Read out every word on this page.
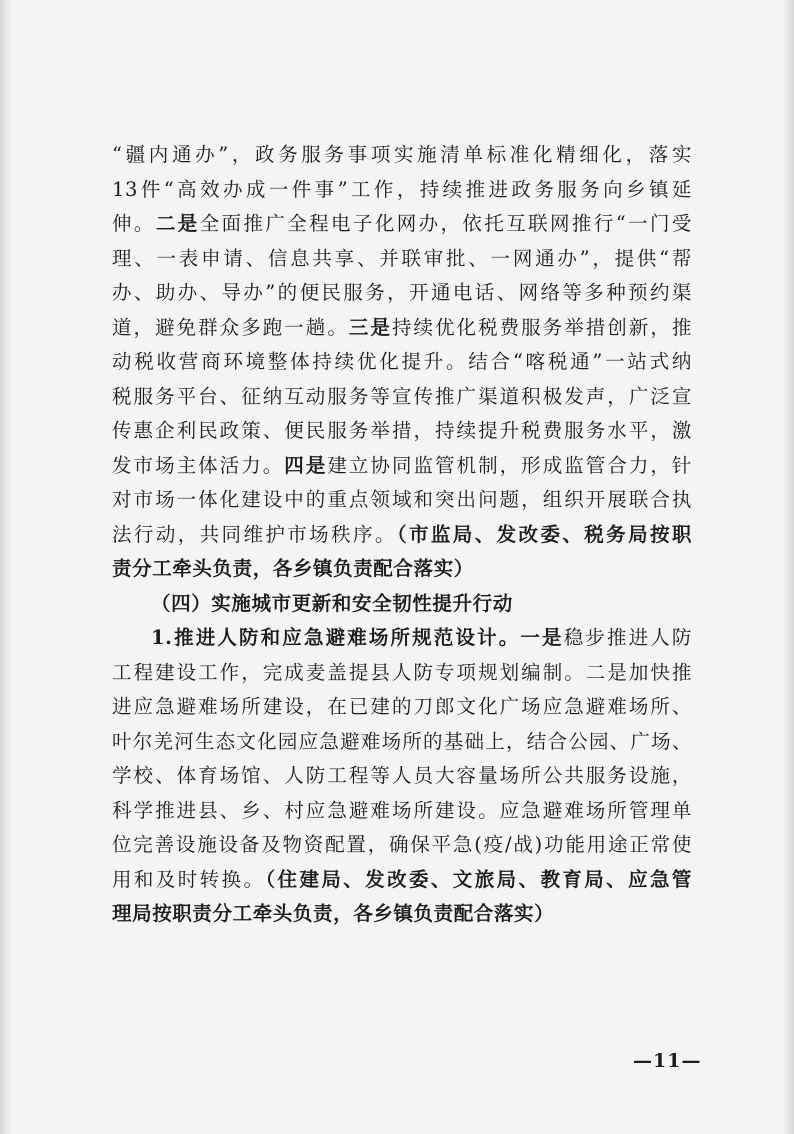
“疆内通办”，政务服务事项实施清单标准化精细化，落实
13件“高效办成一件事”工作，持续推进政务服务向乡镇延
伸。二是全面推广全程电子化网办，依托互联网推行“一门受
理、一表申请、信息共享、并联审批、一网通办”，提供“帮
办、助办、导办”的便民服务，开通电话、网络等多种预约渠
道，避免群众多跑一趟。三是持续优化税费服务举措创新，推
动税收营商环境整体持续优化提升。结合“喀税通”一站式纳
税服务平台、征纳互动服务等宣传推广渠道积极发声，广泛宣
传惠企利民政策、便民服务举措，持续提升税费服务水平，激
发市场主体活力。四是建立协同监管机制，形成监管合力，针
对市场一体化建设中的重点领域和突出问题，组织开展联合执
法行动，共同维护市场秩序。（市监局、发改委、税务局按职
责分工牵头负责，各乡镇负责配合落实）
（四）实施城市更新和安全韧性提升行动
1.推进人防和应急避难场所规范设计。一是稳步推进人防
工程建设工作，完成麦盖提县人防专项规划编制。二是加快推
进应急避难场所建设，在已建的刀郎文化广场应急避难场所、
叶尔羌河生态文化园应急避难场所的基础上，结合公园、广场、
学校、体育场馆、人防工程等人员大容量场所公共服务设施，
科学推进县、乡、村应急避难场所建设。应急避难场所管理单
位完善设施设备及物资配置，确保平急(疫/战)功能用途正常使
用和及时转换。（住建局、发改委、文旅局、教育局、应急管
理局按职责分工牵头负责，各乡镇负责配合落实）
—11—
